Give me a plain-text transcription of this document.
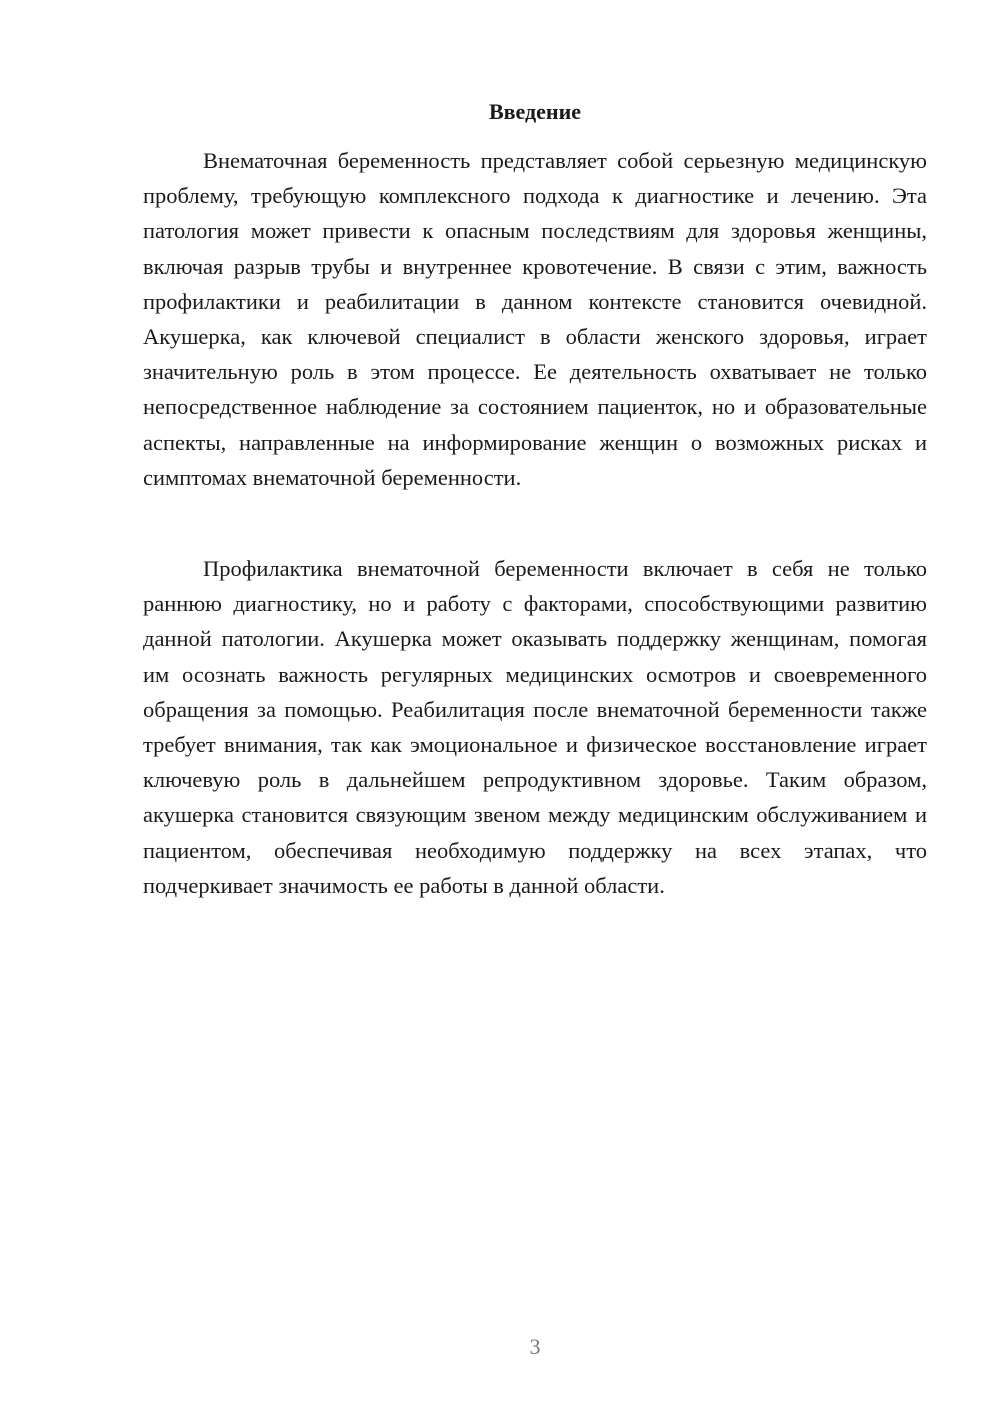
Введение

Внематочная беременность представляет собой серьезную медицинскую проблему, требующую комплексного подхода к диагностике и лечению. Эта патология может привести к опасным последствиям для здоровья женщины, включая разрыв трубы и внутреннее кровотечение. В связи с этим, важность профилактики и реабилитации в данном контексте становится очевидной. Акушерка, как ключевой специалист в области женского здоровья, играет значительную роль в этом процессе. Ее деятельность охватывает не только непосредственное наблюдение за состоянием пациенток, но и образовательные аспекты, направленные на информирование женщин о возможных рисках и симптомах внематочной беременности.

Профилактика внематочной беременности включает в себя не только раннюю диагностику, но и работу с факторами, способствующими развитию данной патологии. Акушерка может оказывать поддержку женщинам, помогая им осознать важность регулярных медицинских осмотров и своевременного обращения за помощью. Реабилитация после внематочной беременности также требует внимания, так как эмоциональное и физическое восстановление играет ключевую роль в дальнейшем репродуктивном здоровье. Таким образом, акушерка становится связующим звеном между медицинским обслуживанием и пациентом, обеспечивая необходимую поддержку на всех этапах, что подчеркивает значимость ее работы в данной области.

3
